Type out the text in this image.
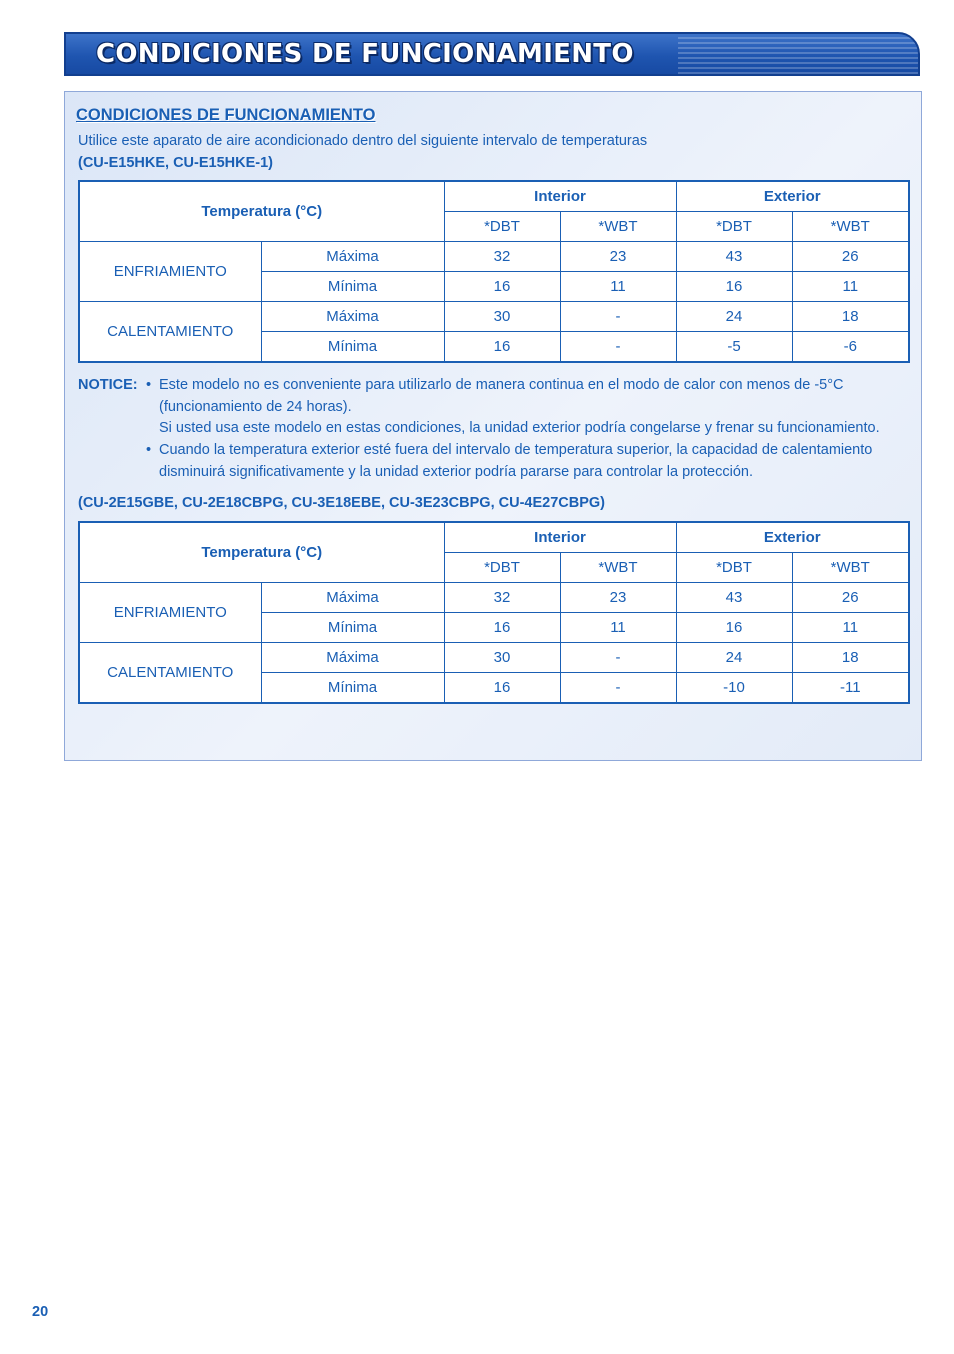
CONDICIONES DE FUNCIONAMIENTO
CONDICIONES DE FUNCIONAMIENTO
Utilice este aparato de aire acondicionado dentro del siguiente intervalo de temperaturas
(CU-E15HKE, CU-E15HKE-1)
Temperatura (°C)		Interior		Exterior	
		*DBT	*WBT	*DBT	*WBT
ENFRIAMIENTO	Máxima	32	23	43	26
	Mínima	16	11	16	11
CALENTAMIENTO	Máxima	30	-	24	18
	Mínima	16	-	-5	-6
NOTICE: • Este modelo no es conveniente para utilizarlo de manera continua en el modo de calor con menos de -5°C
(funcionamiento de 24 horas).
Si usted usa este modelo en estas condiciones, la unidad exterior podría congelarse y frenar su funcionamiento.
• Cuando la temperatura exterior esté fuera del intervalo de temperatura superior, la capacidad de calentamiento
disminuirá significativamente y la unidad exterior podría pararse para controlar la protección.
(CU-2E15GBE, CU-2E18CBPG, CU-3E18EBE, CU-3E23CBPG, CU-4E27CBPG)
Temperatura (°C)		Interior		Exterior	
		*DBT	*WBT	*DBT	*WBT
ENFRIAMIENTO	Máxima	32	23	43	26
	Mínima	16	11	16	11
CALENTAMIENTO	Máxima	30	-	24	18
	Mínima	16	-	-10	-11
20
